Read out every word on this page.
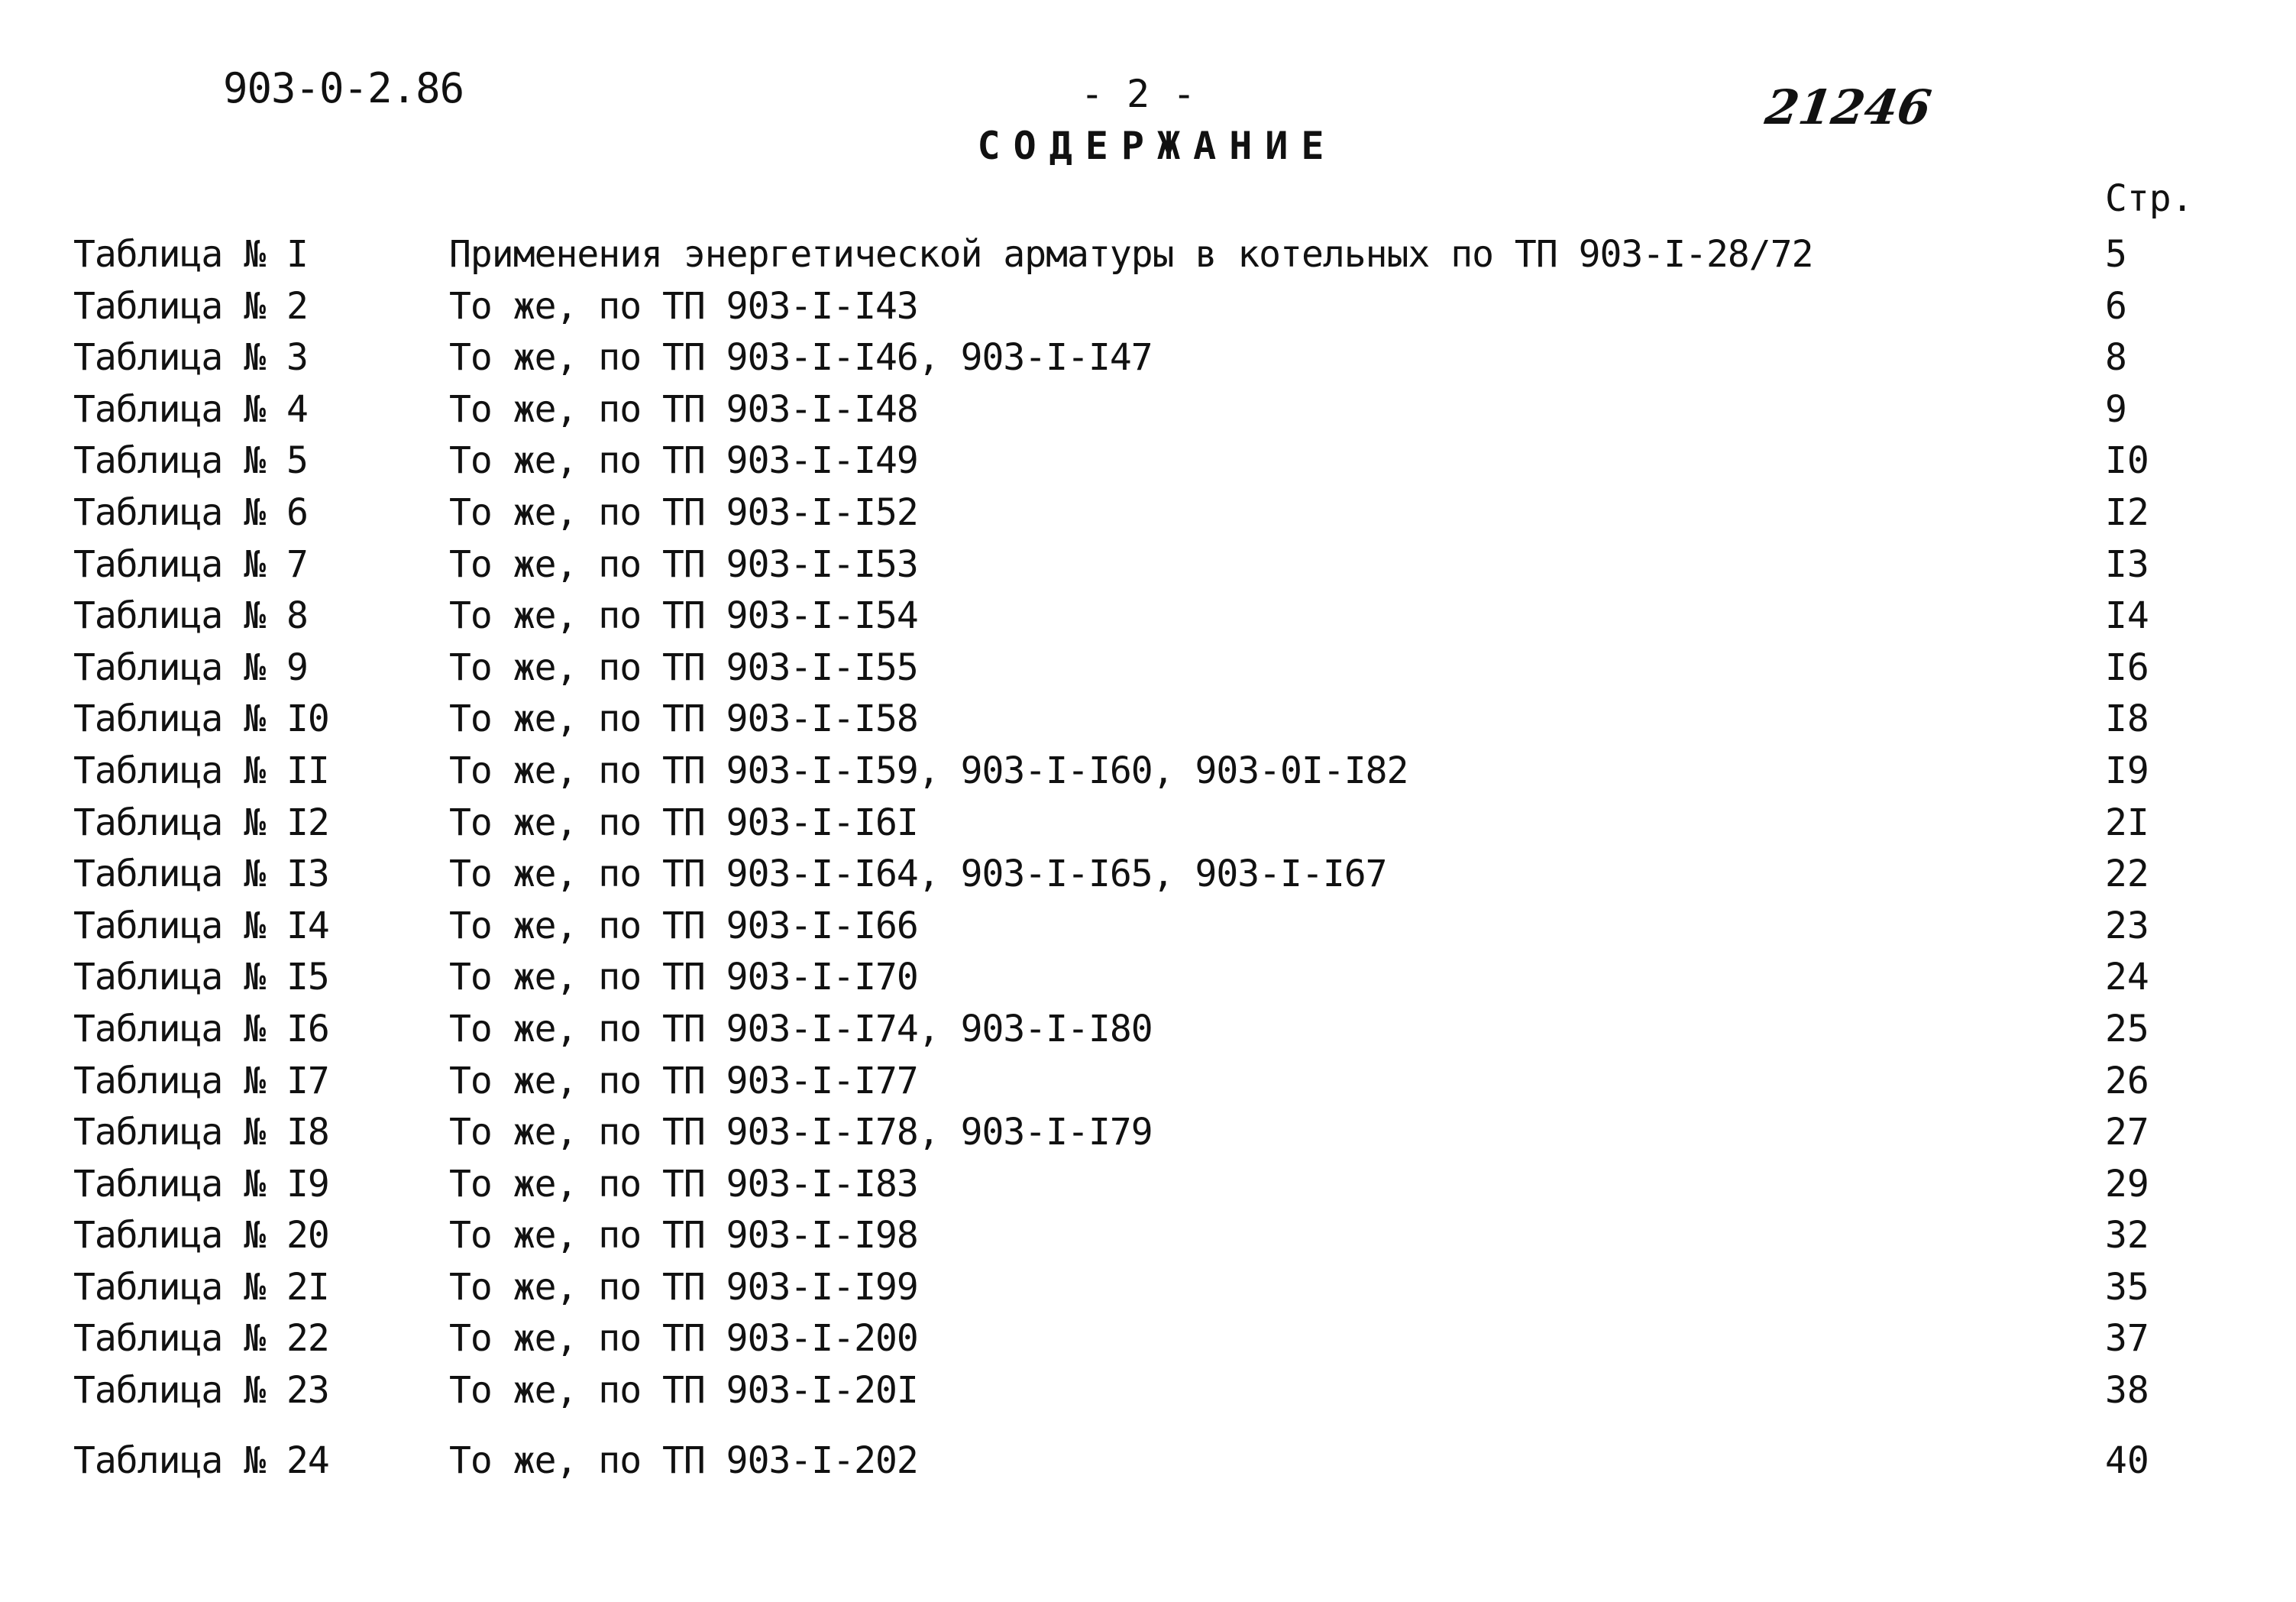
903-0-2.86	- 2 -	21246
СОДЕРЖАНИЕ
Стр.
Таблица № I	Применения энергетической арматуры в котельных по ТП 903-I-28/72	5
Таблица № 2	То же, по ТП 903-I-I43	6
Таблица № 3	То же, по ТП 903-I-I46, 903-I-I47	8
Таблица № 4	То же, по ТП 903-I-I48	9
Таблица № 5	То же, по ТП 903-I-I49	I0
Таблица № 6	То же, по ТП 903-I-I52	I2
Таблица № 7	То же, по ТП 903-I-I53	I3
Таблица № 8	То же, по ТП 903-I-I54	I4
Таблица № 9	То же, по ТП 903-I-I55	I6
Таблица № I0	То же, по ТП 903-I-I58	I8
Таблица № II	То же, по ТП 903-I-I59, 903-I-I60, 903-0I-I82	I9
Таблица № I2	То же, по ТП 903-I-I6I	2I
Таблица № I3	То же, по ТП 903-I-I64, 903-I-I65, 903-I-I67	22
Таблица № I4	То же, по ТП 903-I-I66	23
Таблица № I5	То же, по ТП 903-I-I70	24
Таблица № I6	То же, по ТП 903-I-I74, 903-I-I80	25
Таблица № I7	То же, по ТП 903-I-I77	26
Таблица № I8	То же, по ТП 903-I-I78, 903-I-I79	27
Таблица № I9	То же, по ТП 903-I-I83	29
Таблица № 20	То же, по ТП 903-I-I98	32
Таблица № 2I	То же, по ТП 903-I-I99	35
Таблица № 22	То же, по ТП 903-I-200	37
Таблица № 23	То же, по ТП 903-I-20I	38
Таблица № 24	То же, по ТП 903-I-202	40
